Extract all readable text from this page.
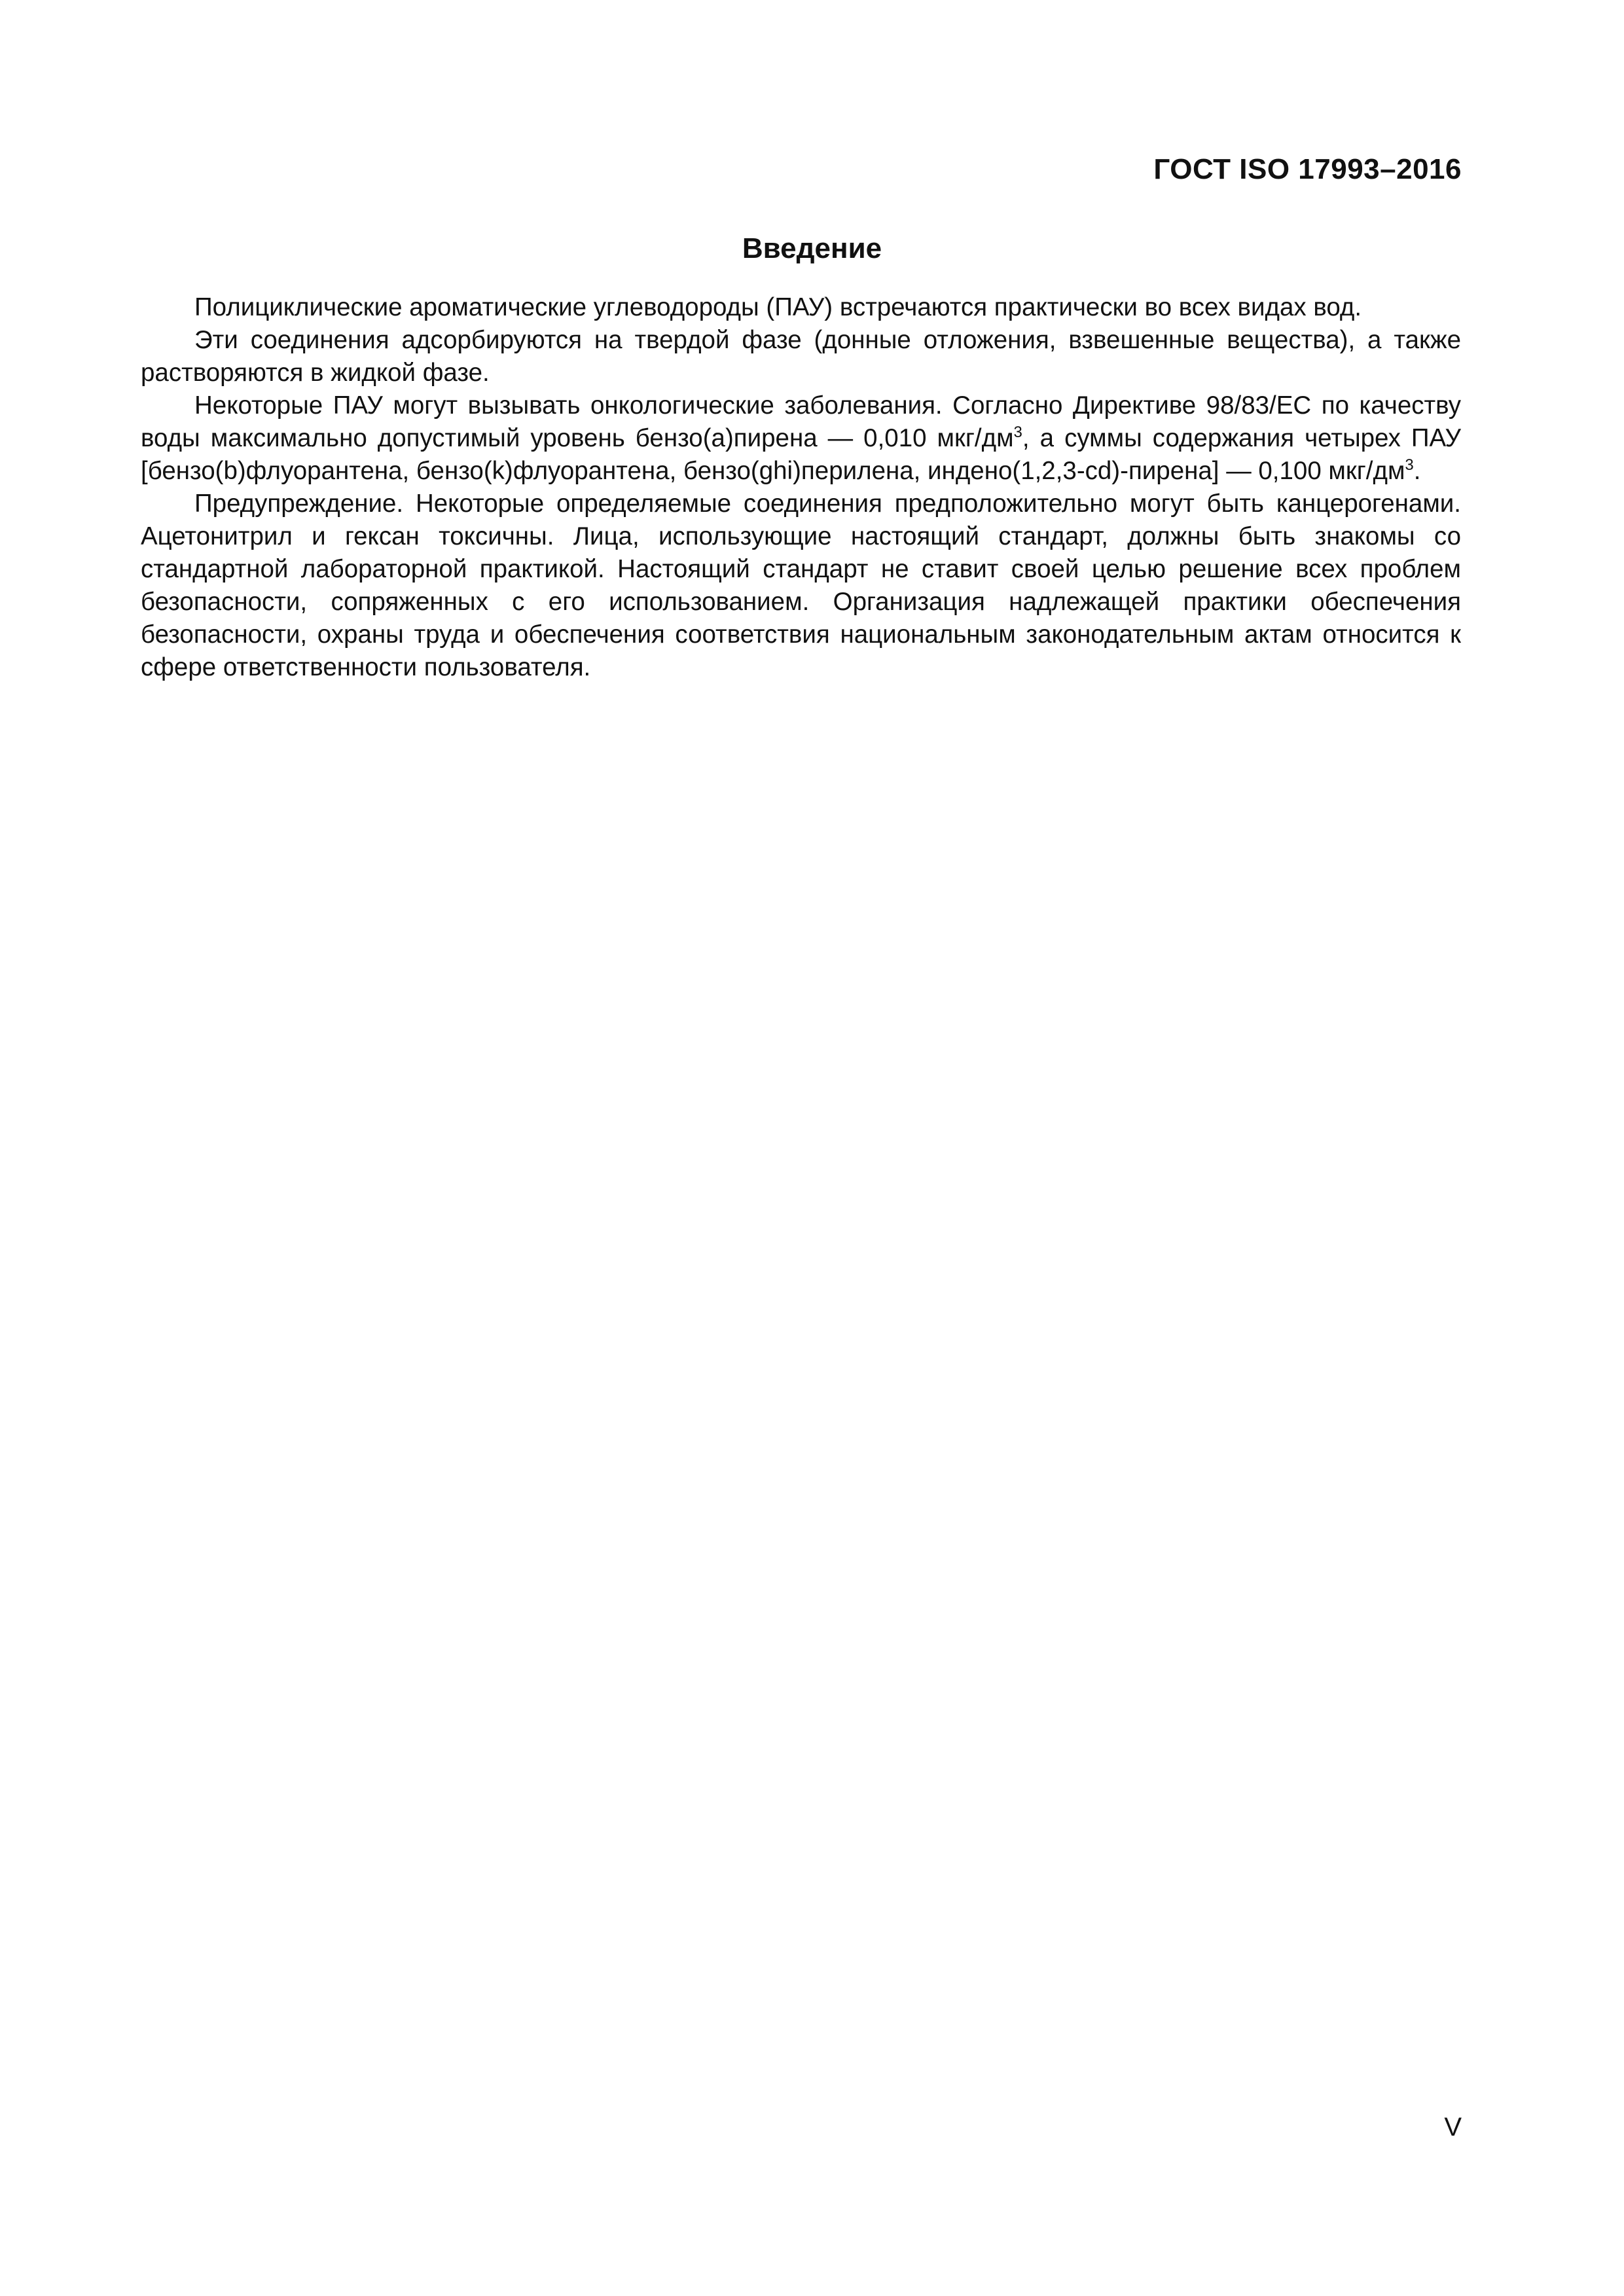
ГОСТ ISO 17993–2016
Введение

Полициклические ароматические углеводороды (ПАУ) встречаются практически во всех видах вод.

Эти соединения адсорбируются на твердой фазе (донные отложения, взвешенные вещества), а также растворяются в жидкой фазе.

Некоторые ПАУ могут вызывать онкологические заболевания. Согласно Директиве 98/83/ЕС по качеству воды максимально допустимый уровень бензо(a)пирена — 0,010 мкг/$дм^3$, а суммы содержания четырех ПАУ [бензо(b)флуорантена, бензо(k)флуорантена, бензо(ghi)перилена, индено(1,2,3-cd)-пирена] — 0,100 мкг/$дм^3$.

Предупреждение. Некоторые определяемые соединения предположительно могут быть канцерогенами. Ацетонитрил и гексан токсичны. Лица, использующие настоящий стандарт, должны быть знакомы со стандартной лабораторной практикой. Настоящий стандарт не ставит своей целью решение всех проблем безопасности, сопряженных с его использованием. Организация надлежащей практики обеспечения безопасности, охраны труда и обеспечения соответствия национальным законодательным актам относится к сфере ответственности пользователя.

V
